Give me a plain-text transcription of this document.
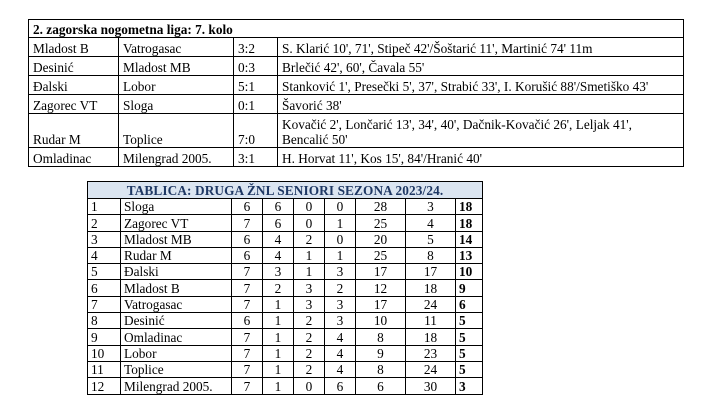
2. zagorska nogometna liga: 7. kolo			
Mladost B	Vatrogasac	3:2	S. Klarić 10', 71', Stipeč 42'/Šoštarić 11', Martinić 74' 11m
Desinić	Mladost MB	0:3	Brlečić 42', 60', Čavala 55'
Đalski	Lobor	5:1	Stanković 1', Presečki 5', 37', Strabić 33', I. Korušić 88'/Smetiško 43'
Zagorec VT	Sloga	0:1	Šavorić 38'
Rudar M	Toplice	7:0	Kovačić 2', Lončarić 13', 34', 40', Dačnik-Kovačić 26', Leljak 41',
Bencalić 50'
Omladinac	Milengrad 2005.	3:1	H. Horvat 11', Kos 15', 84'/Hranić 40'
TABLICA: DRUGA ŽNL SENIORI SEZONA 2023/24.								
1	Sloga	6	6	0	0	28	3	18
2	Zagorec VT	7	6	0	1	25	4	18
3	Mladost MB	6	4	2	0	20	5	14
4	Rudar M	6	4	1	1	25	8	13
5	Đalski	7	3	1	3	17	17	10
6	Mladost B	7	2	3	2	12	18	9
7	Vatrogasac	7	1	3	3	17	24	6
8	Desinić	6	1	2	3	10	11	5
9	Omladinac	7	1	2	4	8	18	5
10	Lobor	7	1	2	4	9	23	5
11	Toplice	7	1	2	4	8	24	5
12	Milengrad 2005.	7	1	0	6	6	30	3
